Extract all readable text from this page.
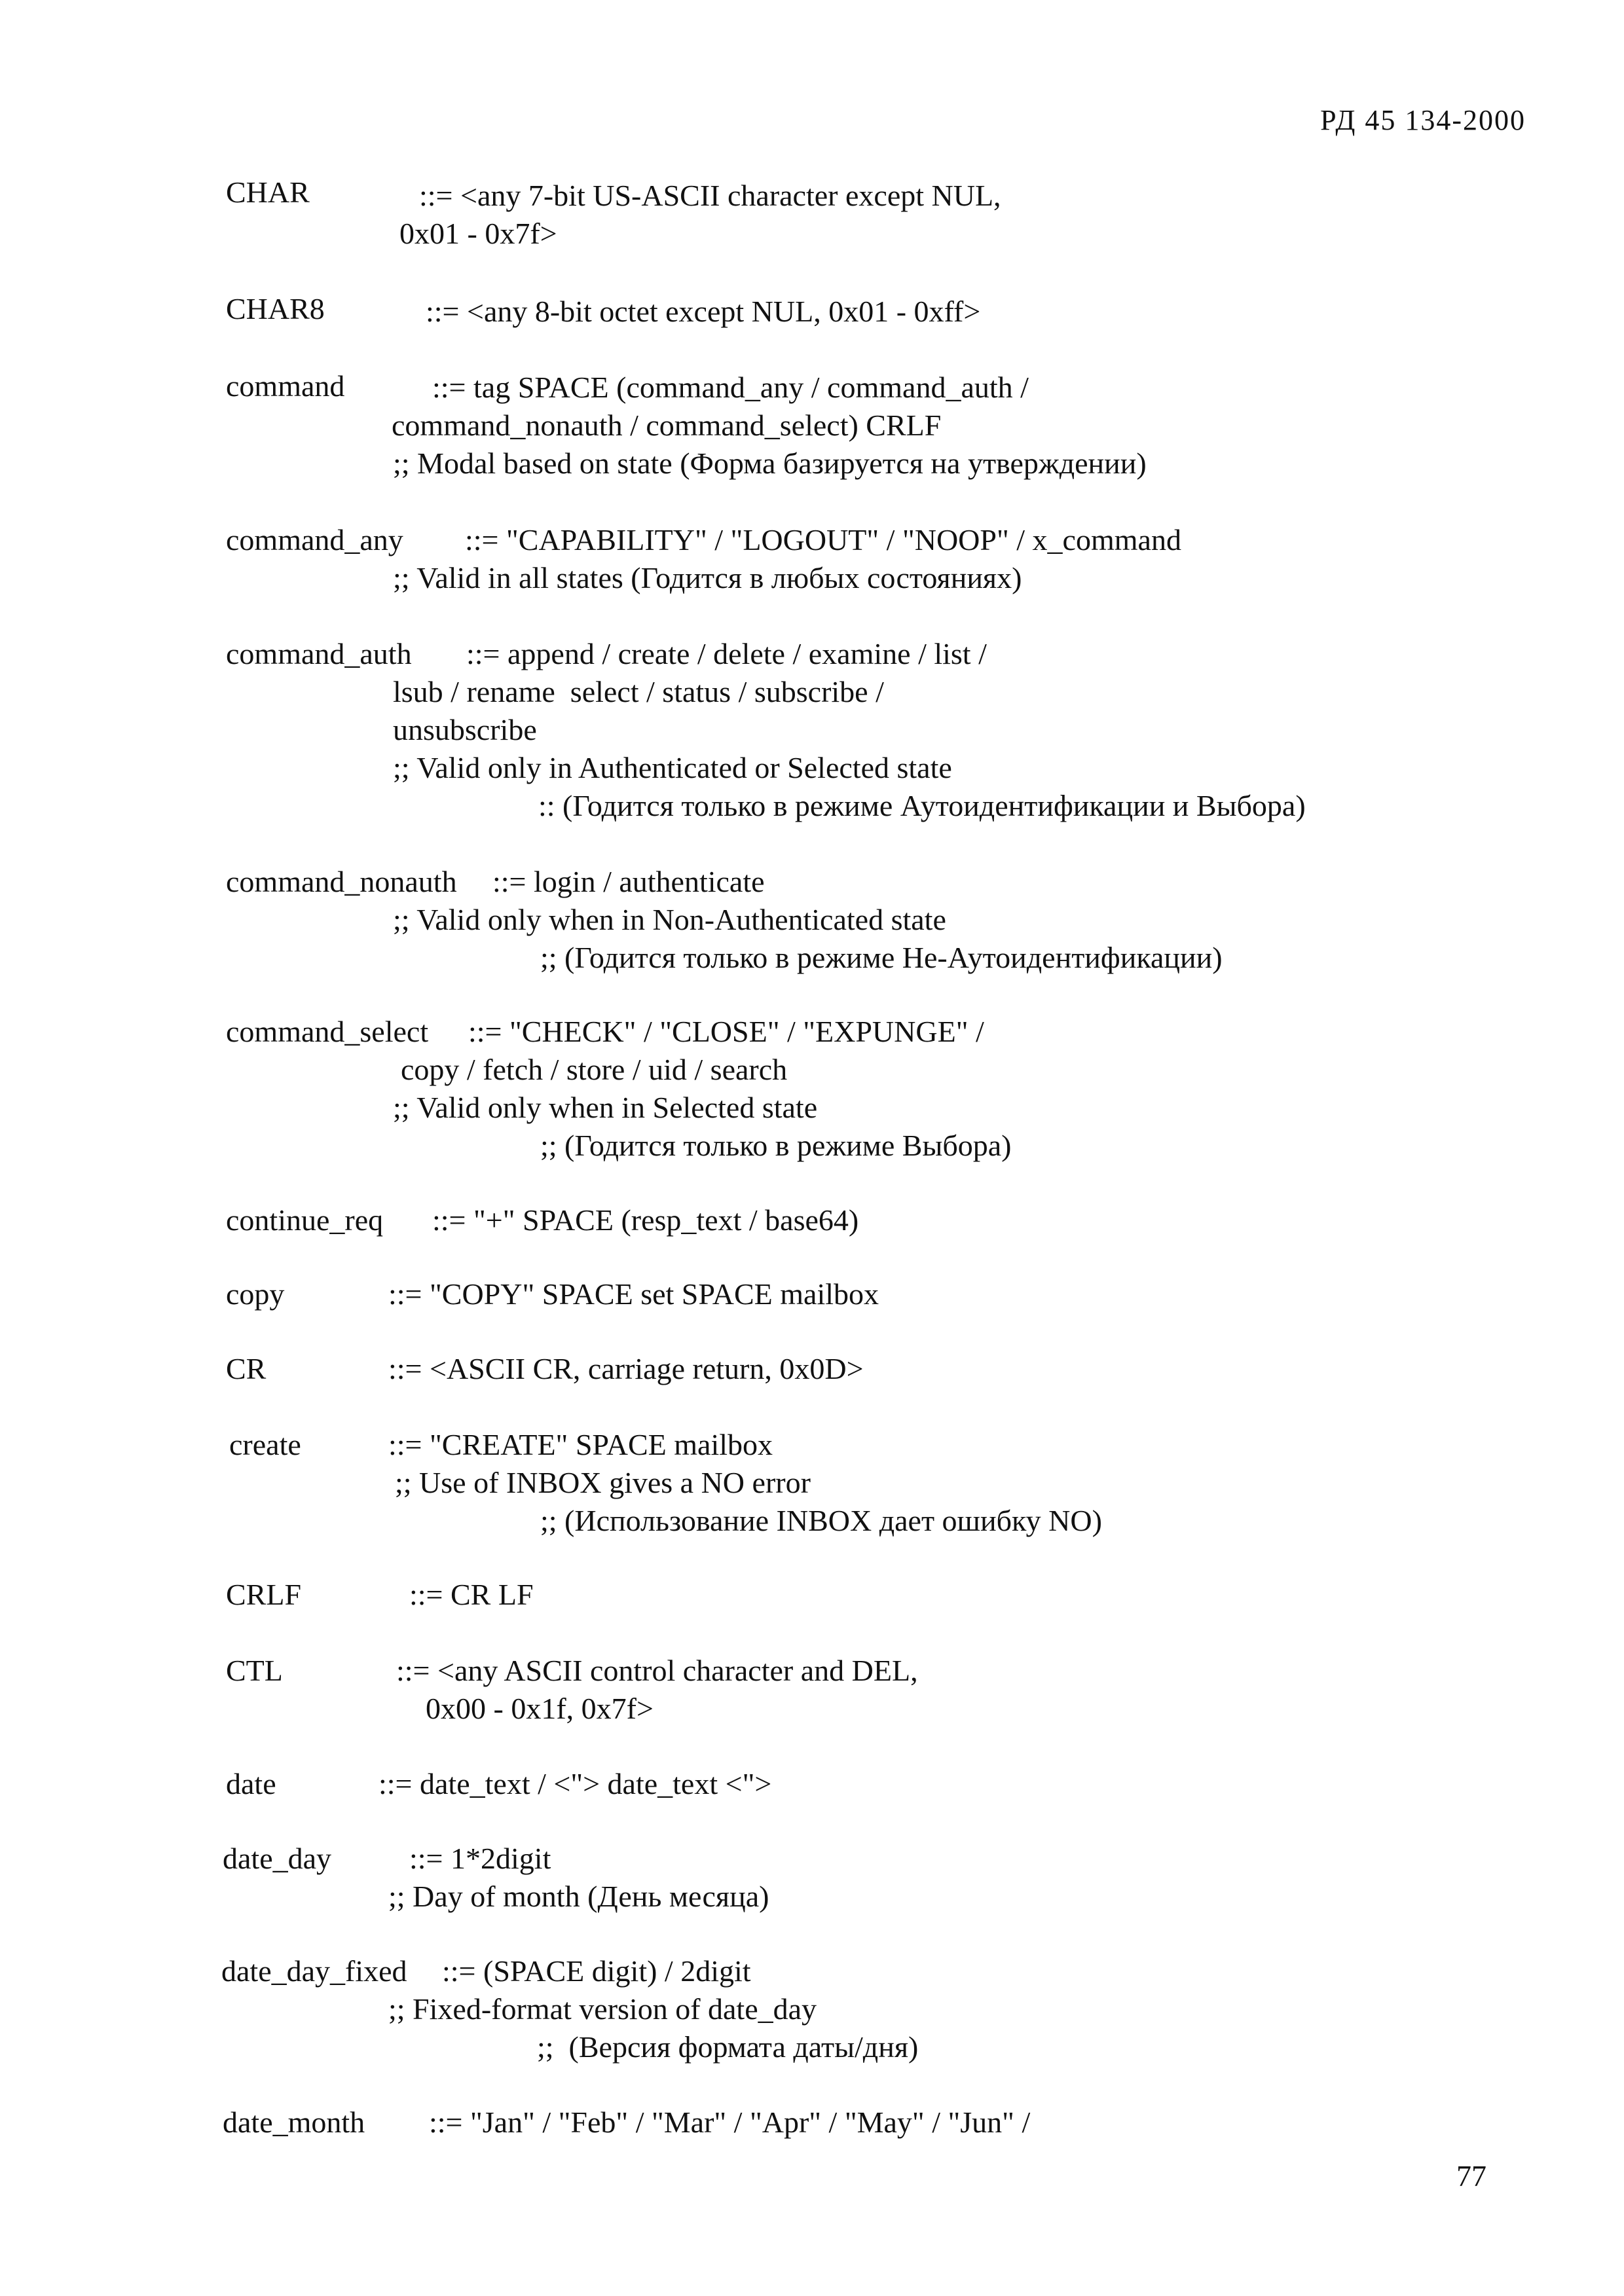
РД 45 134-2000
CHAR	::= <any 7-bit US-ASCII character except NUL,
0x01 - 0x7f>
CHAR8	::= <any 8-bit octet except NUL, 0x01 - 0xff>
command	::= tag SPACE (command_any / command_auth /
command_nonauth / command_select) CRLF
;; Modal based on state (Форма базируется на утверждении)
command_any ::= "CAPABILITY" / "LOGOUT" / "NOOP" / x_command
;; Valid in all states (Годится в любых состояниях)
command_auth ::= append / create / delete / examine / list /
lsub / rename  select / status / subscribe /
unsubscribe
;; Valid only in Authenticated or Selected state
:: (Годится только в режиме Аутоидентификации и Выбора)
command_nonauth ::= login / authenticate
;; Valid only when in Non-Authenticated state
;; (Годится только в режиме Не-Аутоидентификации)
command_select ::= "CHECK" / "CLOSE" / "EXPUNGE" /
copy / fetch / store / uid / search
;; Valid only when in Selected state
;; (Годится только в режиме Выбора)
continue_req ::= "+" SPACE (resp_text / base64)
copy	::= "COPY" SPACE set SPACE mailbox
CR	::= <ASCII CR, carriage return, 0x0D>
create	::= "CREATE" SPACE mailbox
;; Use of INBOX gives a NO error
;; (Использование INBOX дает ошибку NO)
CRLF	::= CR LF
CTL	::= <any ASCII control character and DEL,
0x00 - 0x1f, 0x7f>
date	::= date_text / <"> date_text <">
date_day	::= 1*2digit
;; Day of month (День месяца)
date_day_fixed ::= (SPACE digit) / 2digit
;; Fixed-format version of date_day
;;  (Версия формата даты/дня)
date_month ::= "Jan" / "Feb" / "Mar" / "Apr" / "May" / "Jun" /
77
